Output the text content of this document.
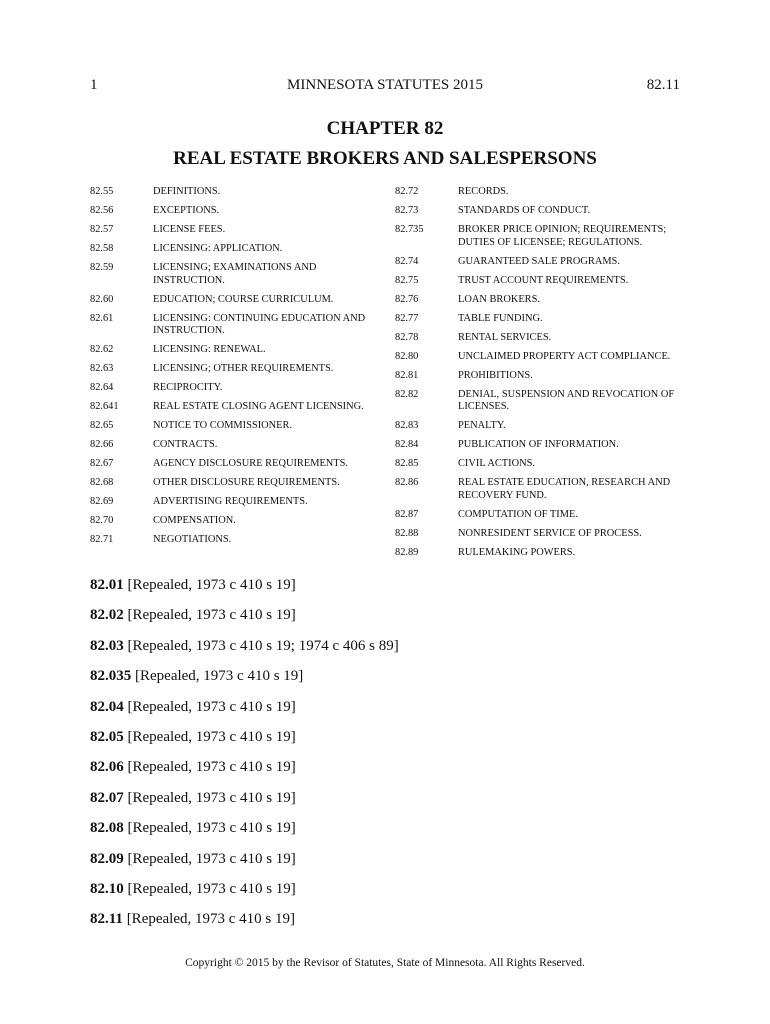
1	MINNESOTA STATUTES 2015	82.11
CHAPTER 82
REAL ESTATE BROKERS AND SALESPERSONS
82.55	DEFINITIONS.
82.56	EXCEPTIONS.
82.57	LICENSE FEES.
82.58	LICENSING: APPLICATION.
82.59	LICENSING; EXAMINATIONS AND INSTRUCTION.
82.60	EDUCATION; COURSE CURRICULUM.
82.61	LICENSING: CONTINUING EDUCATION AND INSTRUCTION.
82.62	LICENSING: RENEWAL.
82.63	LICENSING; OTHER REQUIREMENTS.
82.64	RECIPROCITY.
82.641	REAL ESTATE CLOSING AGENT LICENSING.
82.65	NOTICE TO COMMISSIONER.
82.66	CONTRACTS.
82.67	AGENCY DISCLOSURE REQUIREMENTS.
82.68	OTHER DISCLOSURE REQUIREMENTS.
82.69	ADVERTISING REQUIREMENTS.
82.70	COMPENSATION.
82.71	NEGOTIATIONS.
82.72	RECORDS.
82.73	STANDARDS OF CONDUCT.
82.735	BROKER PRICE OPINION; REQUIREMENTS; DUTIES OF LICENSEE; REGULATIONS.
82.74	GUARANTEED SALE PROGRAMS.
82.75	TRUST ACCOUNT REQUIREMENTS.
82.76	LOAN BROKERS.
82.77	TABLE FUNDING.
82.78	RENTAL SERVICES.
82.80	UNCLAIMED PROPERTY ACT COMPLIANCE.
82.81	PROHIBITIONS.
82.82	DENIAL, SUSPENSION AND REVOCATION OF LICENSES.
82.83	PENALTY.
82.84	PUBLICATION OF INFORMATION.
82.85	CIVIL ACTIONS.
82.86	REAL ESTATE EDUCATION, RESEARCH AND RECOVERY FUND.
82.87	COMPUTATION OF TIME.
82.88	NONRESIDENT SERVICE OF PROCESS.
82.89	RULEMAKING POWERS.
82.01 [Repealed, 1973 c 410 s 19]
82.02 [Repealed, 1973 c 410 s 19]
82.03 [Repealed, 1973 c 410 s 19; 1974 c 406 s 89]
82.035 [Repealed, 1973 c 410 s 19]
82.04 [Repealed, 1973 c 410 s 19]
82.05 [Repealed, 1973 c 410 s 19]
82.06 [Repealed, 1973 c 410 s 19]
82.07 [Repealed, 1973 c 410 s 19]
82.08 [Repealed, 1973 c 410 s 19]
82.09 [Repealed, 1973 c 410 s 19]
82.10 [Repealed, 1973 c 410 s 19]
82.11 [Repealed, 1973 c 410 s 19]
Copyright © 2015 by the Revisor of Statutes, State of Minnesota. All Rights Reserved.
